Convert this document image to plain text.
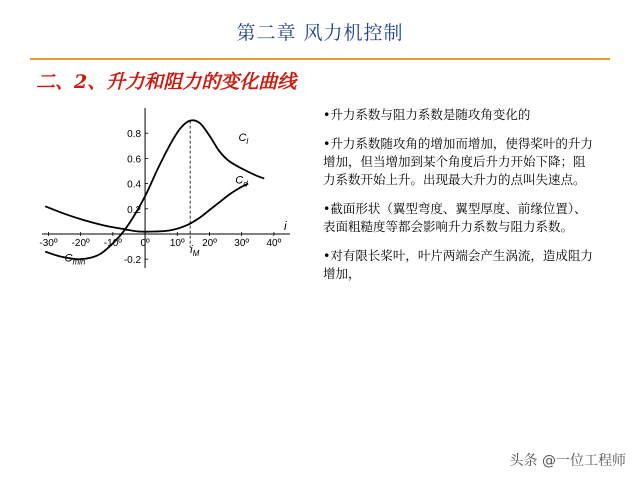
第二章 风力机控制
二、2、升力和阻力的变化曲线
-30º -20º -10º 0º 10º 20º 30º 40º
-0.2
0.2
0.4
0.6
0.8
i
$C_l$
$C_d$
$C_{min}$
$i_M$
•升力系数与阻力系数是随攻角变化的
•升力系数随攻角的增加而增加，使得桨叶的升力增加，但当增加到某个角度后升力开始下降；阻力系数开始上升。出现最大升力的点叫失速点。
•截面形状（翼型弯度、翼型厚度、前缘位置）、表面粗糙度等都会影响升力系数与阻力系数。
•对有限长桨叶，叶片两端会产生涡流，造成阻力增加，
头条 @一位工程师
